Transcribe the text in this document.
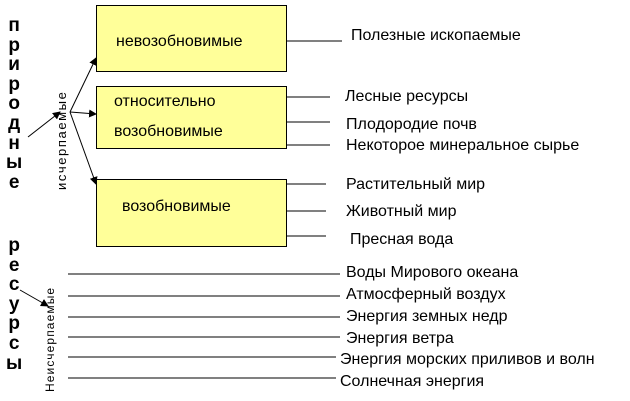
п
р
и
р
о
д
н
ы
е
р
е
с
у
р
с
ы
исчерпаемые
Неисчерпаемые
невозобновимые
относительно
возобновимые
возобновимые
Полезные ископаемые
Лесные ресурсы
Плодородие почв
Некоторое минеральное сырье
Растительный мир
Животный мир
Пресная вода
Воды Мирового океана
Атмосферный воздух
Энергия земных недр
Энергия ветра
Энергия морских приливов и волн
Солнечная энергия
